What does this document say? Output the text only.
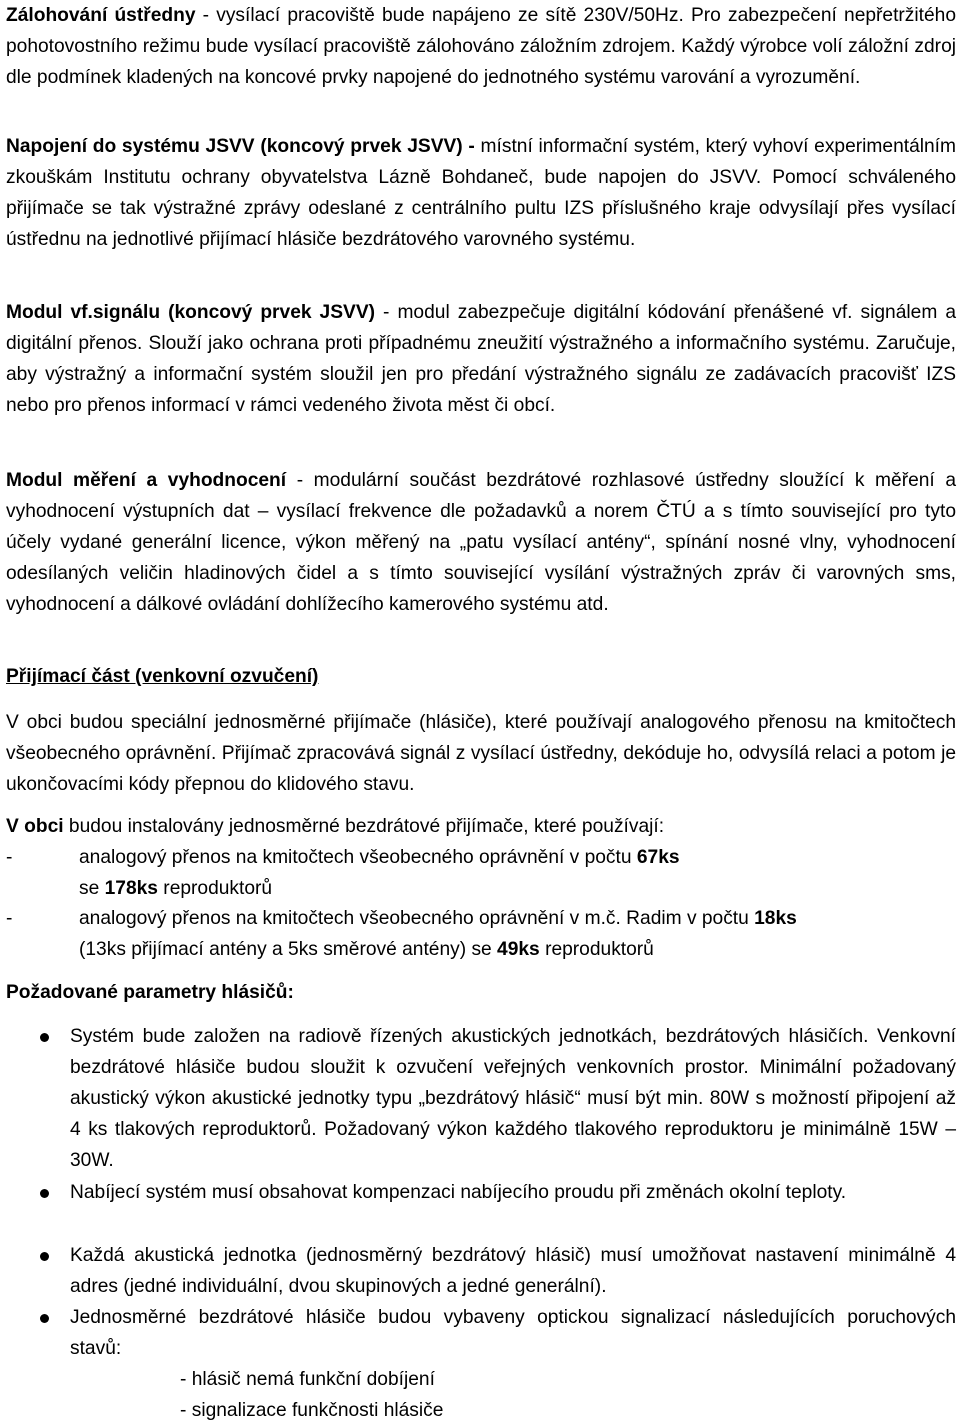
Zálohování ústředny - vysílací pracoviště bude napájeno ze sítě 230V/50Hz. Pro zabezpečení nepřetržitého pohotovostního režimu bude vysílací pracoviště zálohováno záložním zdrojem. Každý výrobce volí záložní zdroj dle podmínek kladených na koncové prvky napojené do jednotného systému varování a vyrozumění.

Napojení do systému JSVV (koncový prvek JSVV) - místní informační systém, který vyhoví experimentálním zkouškám Institutu ochrany obyvatelstva Lázně Bohdaneč, bude napojen do JSVV. Pomocí schváleného přijímače se tak výstražné zprávy odeslané z centrálního pultu IZS příslušného kraje odvysílají přes vysílací ústřednu na jednotlivé přijímací hlásiče bezdrátového varovného systému.

Modul vf.signálu (koncový prvek JSVV) - modul zabezpečuje digitální kódování přenášené vf. signálem a digitální přenos. Slouží jako ochrana proti případnému zneužití výstražného a informačního systému. Zaručuje, aby výstražný a informační systém sloužil jen pro předání výstražného signálu ze zadávacích pracovišť IZS nebo pro přenos informací v rámci vedeného života měst či obcí.

Modul měření a vyhodnocení - modulární součást bezdrátové rozhlasové ústředny sloužící k měření a vyhodnocení výstupních dat – vysílací frekvence dle požadavků a norem ČTÚ a s tímto související pro tyto účely vydané generální licence, výkon měřený na „patu vysílací antény“, spínání nosné vlny, vyhodnocení odesílaných veličin hladinových čidel a s tímto související vysílání výstražných zpráv či varovných sms, vyhodnocení a dálkové ovládání dohlížecího kamerového systému atd.

Přijímací část (venkovní ozvučení)

V obci budou speciální jednosměrné přijímače (hlásiče), které používají analogového přenosu na kmitočtech všeobecného oprávnění. Přijímač zpracovává signál z vysílací ústředny, dekóduje ho, odvysílá relaci a potom je ukončovacími kódy přepnou do klidového stavu.

V obci budou instalovány jednosměrné bezdrátové přijímače, které používají:

-	analogový přenos na kmitočtech všeobecného oprávnění v počtu 67ks
se 178ks reproduktorů
-	analogový přenos na kmitočtech všeobecného oprávnění v m.č. Radim v počtu 18ks
(13ks přijímací antény a 5ks směrové antény) se 49ks reproduktorů

Požadované parametry hlásičů:

Systém bude založen na radiově řízených akustických jednotkách, bezdrátových hlásičích. Venkovní bezdrátové hlásiče budou sloužit k ozvučení veřejných venkovních prostor. Minimální požadovaný akustický výkon akustické jednotky typu „bezdrátový hlásič“ musí být min. 80W s možností připojení až 4 ks tlakových reproduktorů. Požadovaný výkon každého tlakového reproduktoru je minimálně 15W – 30W.
Nabíjecí systém musí obsahovat kompenzaci nabíjecího proudu při změnách okolní teploty.
Každá akustická jednotka (jednosměrný bezdrátový hlásič) musí umožňovat nastavení minimálně 4 adres (jedné individuální, dvou skupinových a jedné generální).
Jednosměrné bezdrátové hlásiče budou vybaveny optickou signalizací následujících poruchových stavů:

- hlásič nemá funkční dobíjení

- signalizace funkčnosti hlásiče
